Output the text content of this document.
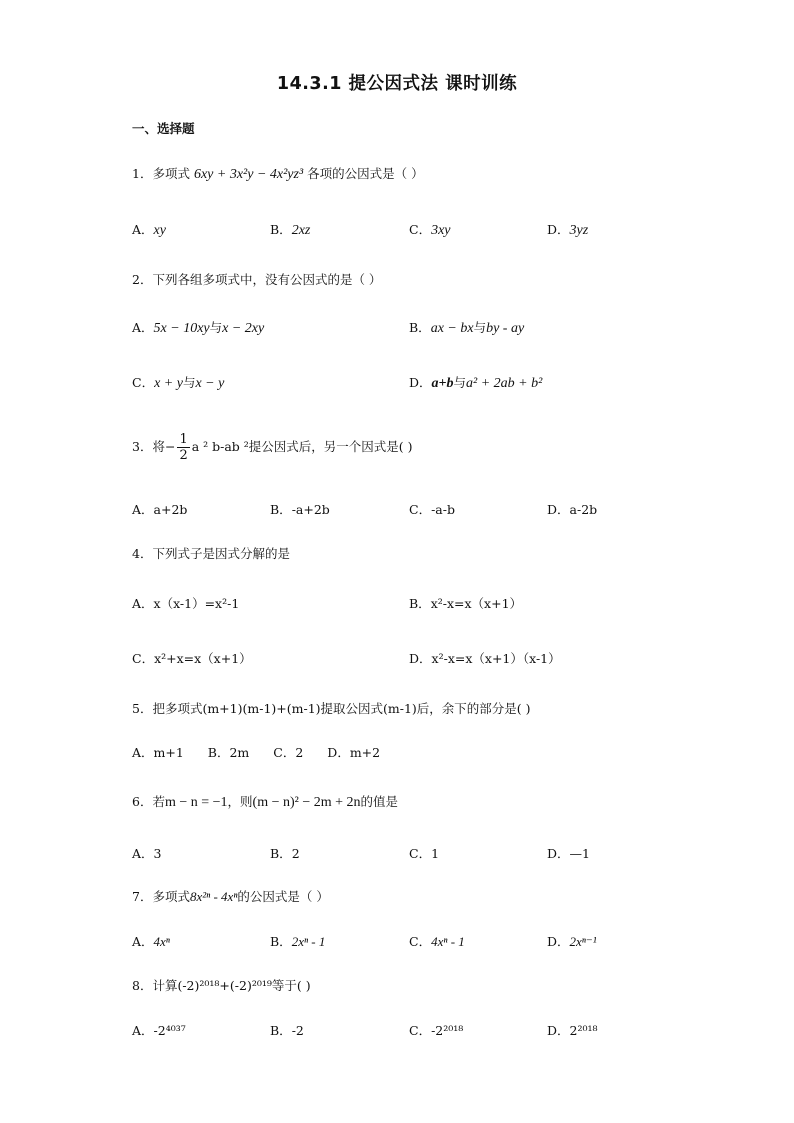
14.3.1 提公因式法 课时训练
一、选择题
1．多项式 6xy + 3x²y − 4x²yz³ 各项的公因式是（ ）
A．xy	B．2xz	C．3xy	D．3yz
2．下列各组多项式中，没有公因式的是（ ）
A．5x − 10xy与x − 2xy	B．ax − bx与by - ay
C．x + y与x − y	D．a+b与a² + 2ab + b²
3．将− $\frac{1}{2}$ a ² b-ab ²提公因式后，另一个因式是( )
A．a+2b	B．-a+2b	C．-a-b	D．a-2b
4．下列式子是因式分解的是
A．x（x-1）=x²-1	B．x²-x=x（x+1）
C．x²+x=x（x+1）	D．x²-x=x（x+1）（x-1）
5．把多项式(m+1)(m-1)+(m-1)提取公因式(m-1)后，余下的部分是( )
A．m+1 B．2m C．2 D．m+2
6．若m − n = −1，则(m − n)² − 2m + 2n的值是
A．3	B．2	C．1	D．—1
7．多项式8x²ⁿ - 4xⁿ的公因式是（ ）
A．4xⁿ	B．2xⁿ - 1	C．4xⁿ - 1	D．2xⁿ⁻¹
8．计算(-2)²⁰¹⁸+(-2)²⁰¹⁹等于( )
A．-2⁴⁰³⁷	B．-2	C．-2²⁰¹⁸	D．2²⁰¹⁸
